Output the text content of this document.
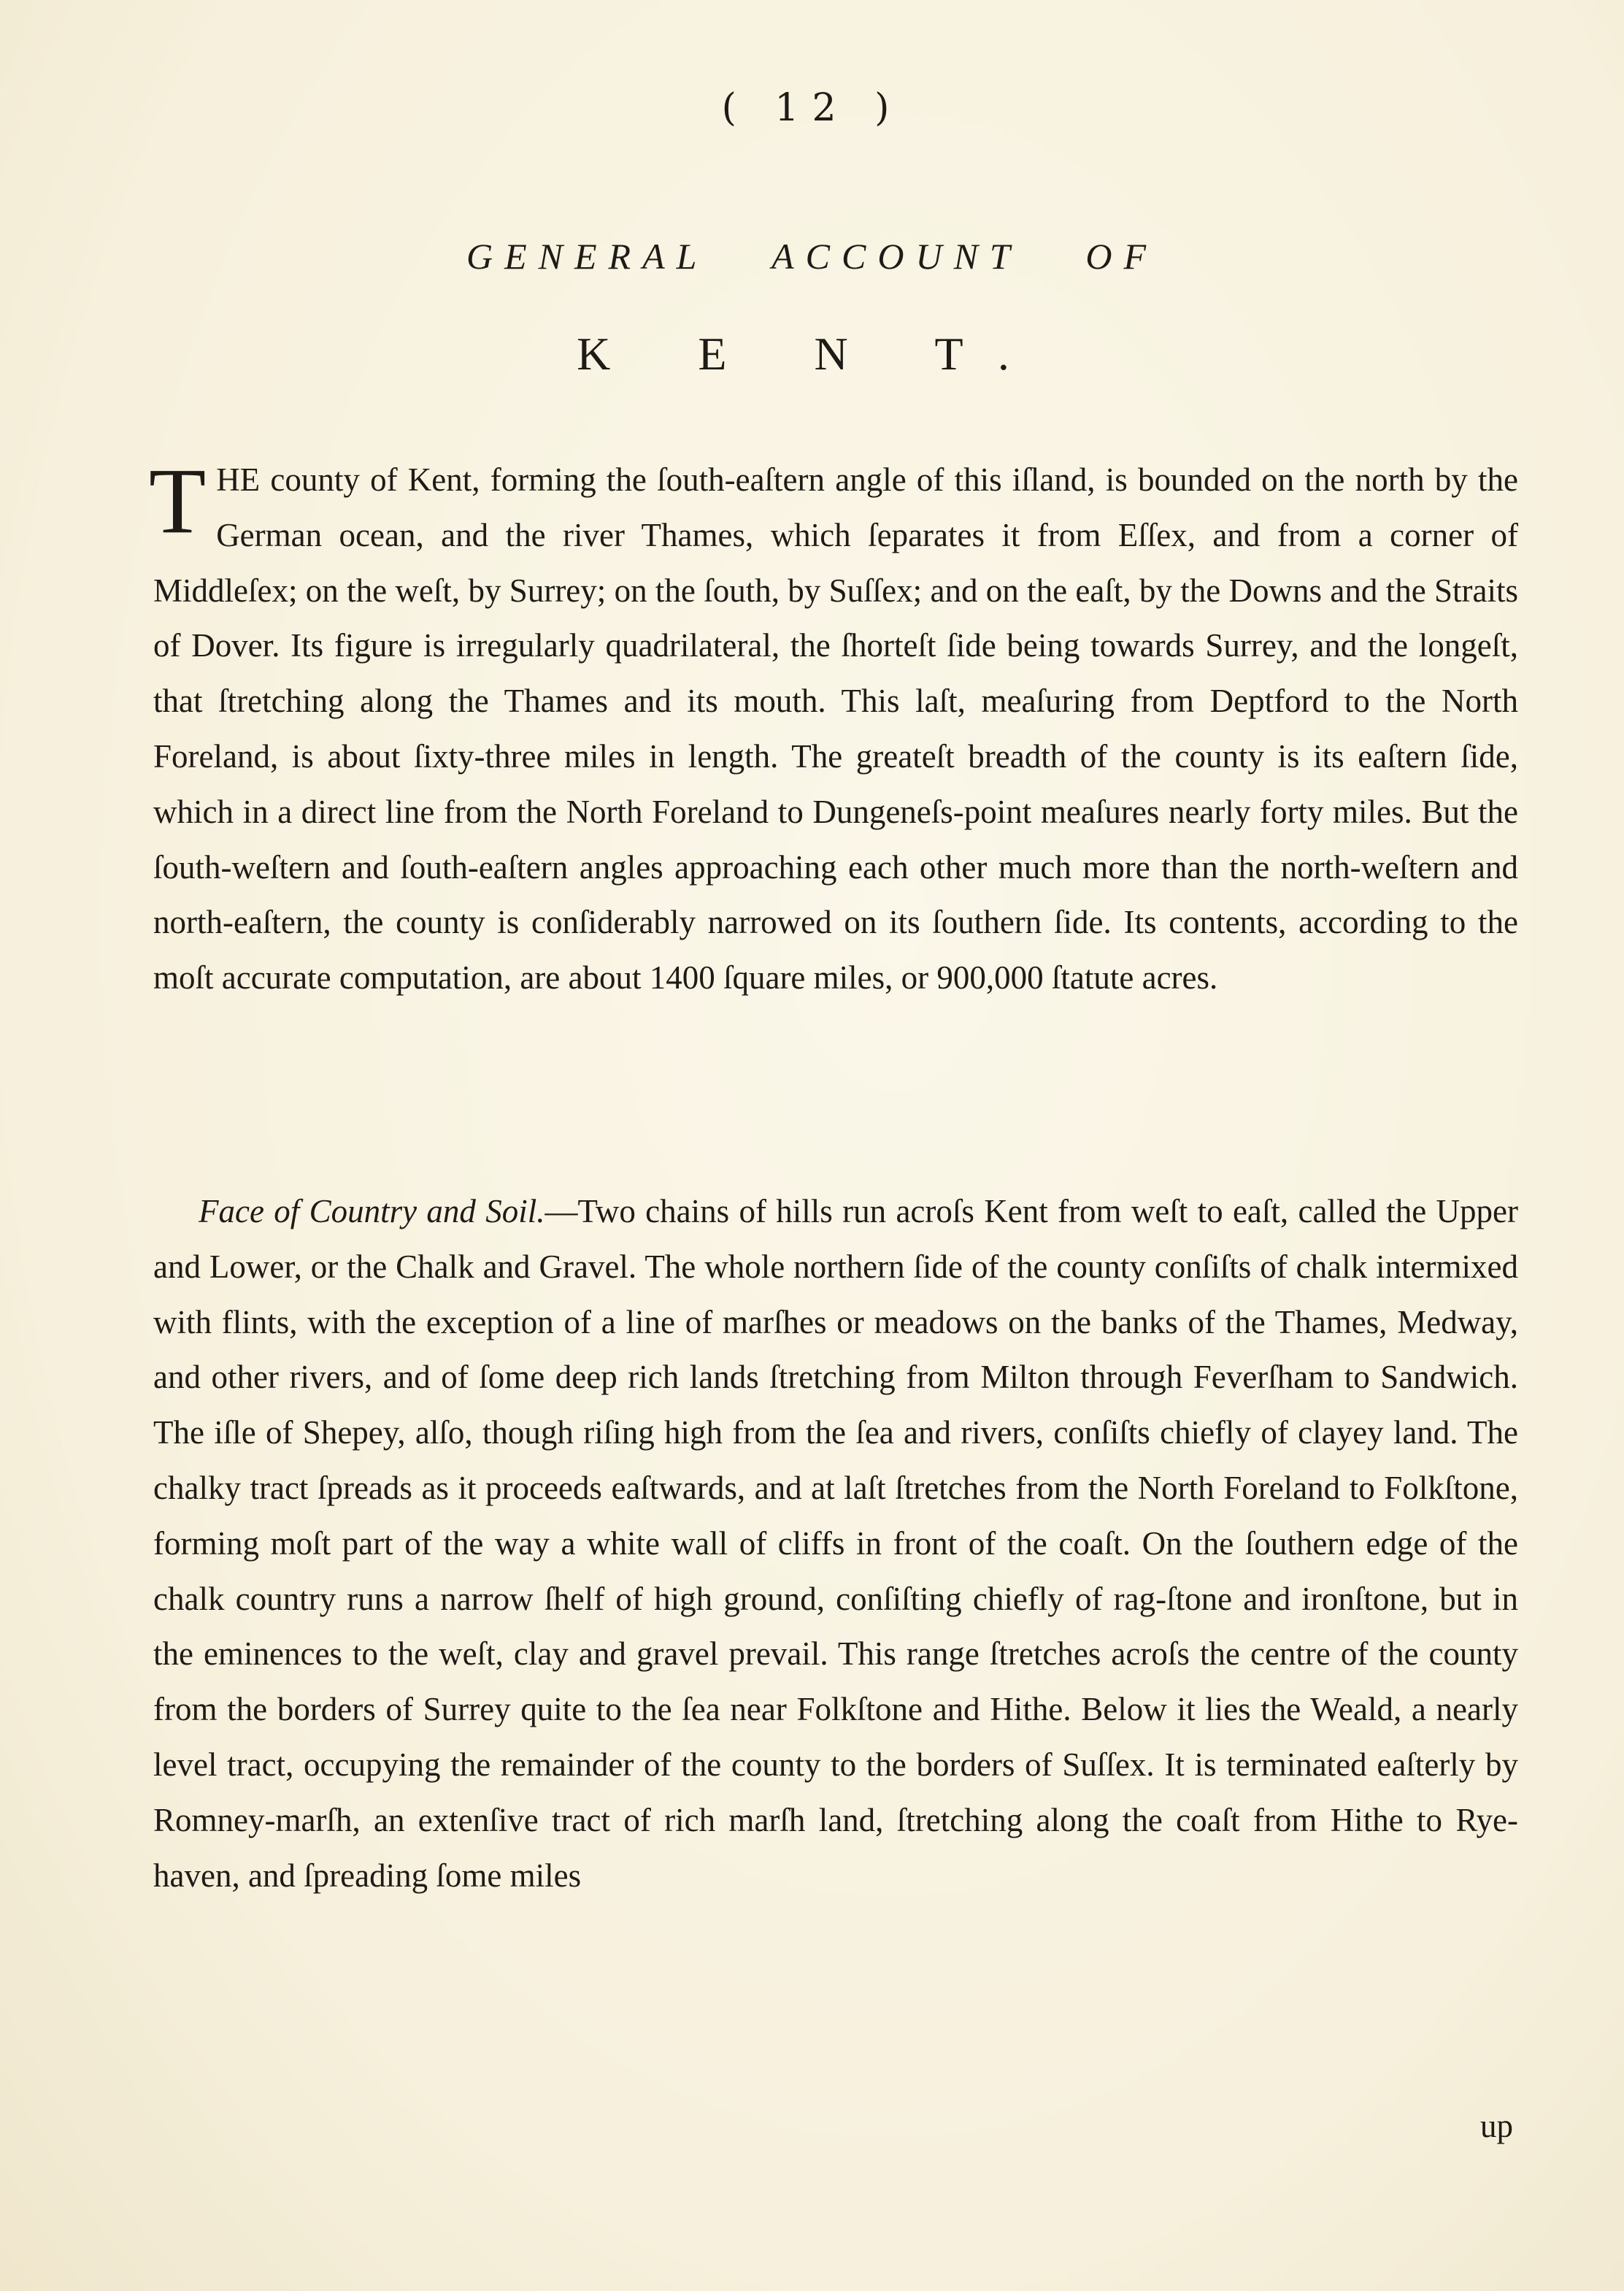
( 12 )
GENERAL ACCOUNT OF
K E N T.
THE county of Kent, forming the ſouth-eaſtern angle of this iſland, is bounded on the north by the German ocean, and the river Thames, which ſeparates it from Eſſex, and from a corner of Middleſex; on the weſt, by Surrey; on the ſouth, by Suſſex; and on the eaſt, by the Downs and the Straits of Dover. Its figure is irregularly quadrilateral, the ſhorteſt ſide being towards Surrey, and the longeſt, that ſtretching along the Thames and its mouth. This laſt, meaſuring from Deptford to the North Foreland, is about ſixty-three miles in length. The greateſt breadth of the county is its eaſtern ſide, which in a direct line from the North Foreland to Dungeneſs-point meaſures nearly forty miles. But the ſouth-weſtern and ſouth-eaſtern angles approaching each other much more than the north-weſtern and north-eaſtern, the county is conſiderably narrowed on its ſouthern ſide. Its contents, according to the moſt accurate computation, are about 1400 ſquare miles, or 900,000 ſtatute acres.
Face of Country and Soil.—Two chains of hills run acroſs Kent from weſt to eaſt, called the Upper and Lower, or the Chalk and Gravel. The whole northern ſide of the county conſiſts of chalk intermixed with flints, with the exception of a line of marſhes or meadows on the banks of the Thames, Medway, and other rivers, and of ſome deep rich lands ſtretching from Milton through Feverſham to Sandwich. The iſle of Shepey, alſo, though riſing high from the ſea and rivers, conſiſts chiefly of clayey land. The chalky tract ſpreads as it proceeds eaſtwards, and at laſt ſtretches from the North Foreland to Folkſtone, forming moſt part of the way a white wall of cliffs in front of the coaſt. On the ſouthern edge of the chalk country runs a narrow ſhelf of high ground, conſiſting chiefly of rag-ſtone and ironſtone, but in the eminences to the weſt, clay and gravel prevail. This range ſtretches acroſs the centre of the county from the borders of Surrey quite to the ſea near Folkſtone and Hithe. Below it lies the Weald, a nearly level tract, occupying the remainder of the county to the borders of Suſſex. It is terminated eaſterly by Romney-marſh, an extenſive tract of rich marſh land, ſtretching along the coaſt from Hithe to Rye-haven, and ſpreading ſome miles
up
